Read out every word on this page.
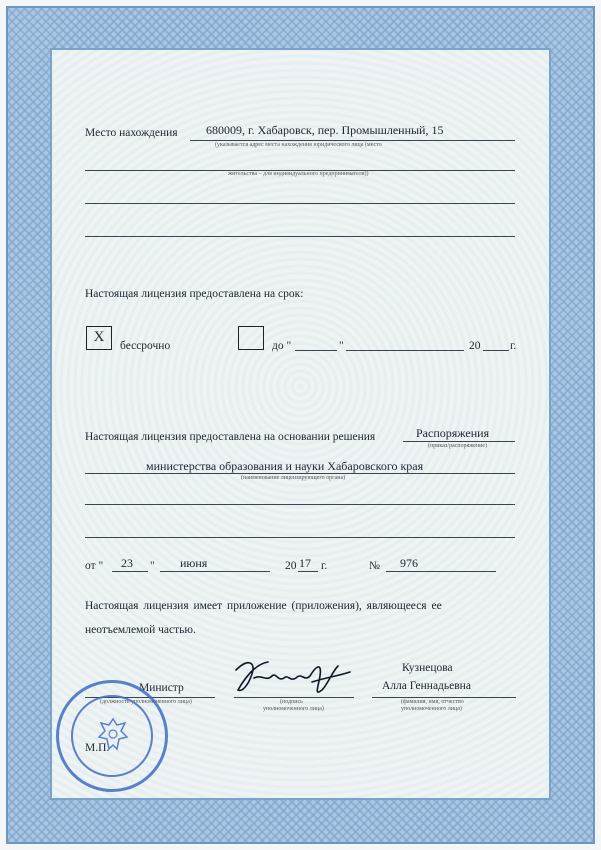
Место нахождения 680009, г. Хабаровск, пер. Промышленный, 15
(указывается адрес места нахождения юридического лица (место
жительства – для индивидуального предпринимателя))
Настоящая лицензия предоставлена на срок:
X
бессрочно	до "	"	20	г.
Настоящая лицензия предоставлена на основании решения	Распоряжения
(приказ/распоряжение)
министерства образования и науки Хабаровского края
(наименование лицензирующего органа)
от " 23 " июня	20 17 г.	№ 976
Настоящая лицензия имеет приложение (приложения), являющееся ее
неотъемлемой частью.
Министр
(должность уполномоченного лица)	(подпись
уполномоченного лица)
Кузнецова
Алла Геннадьевна
(фамилия, имя, отчество
уполномоченного лица)
М.П.
